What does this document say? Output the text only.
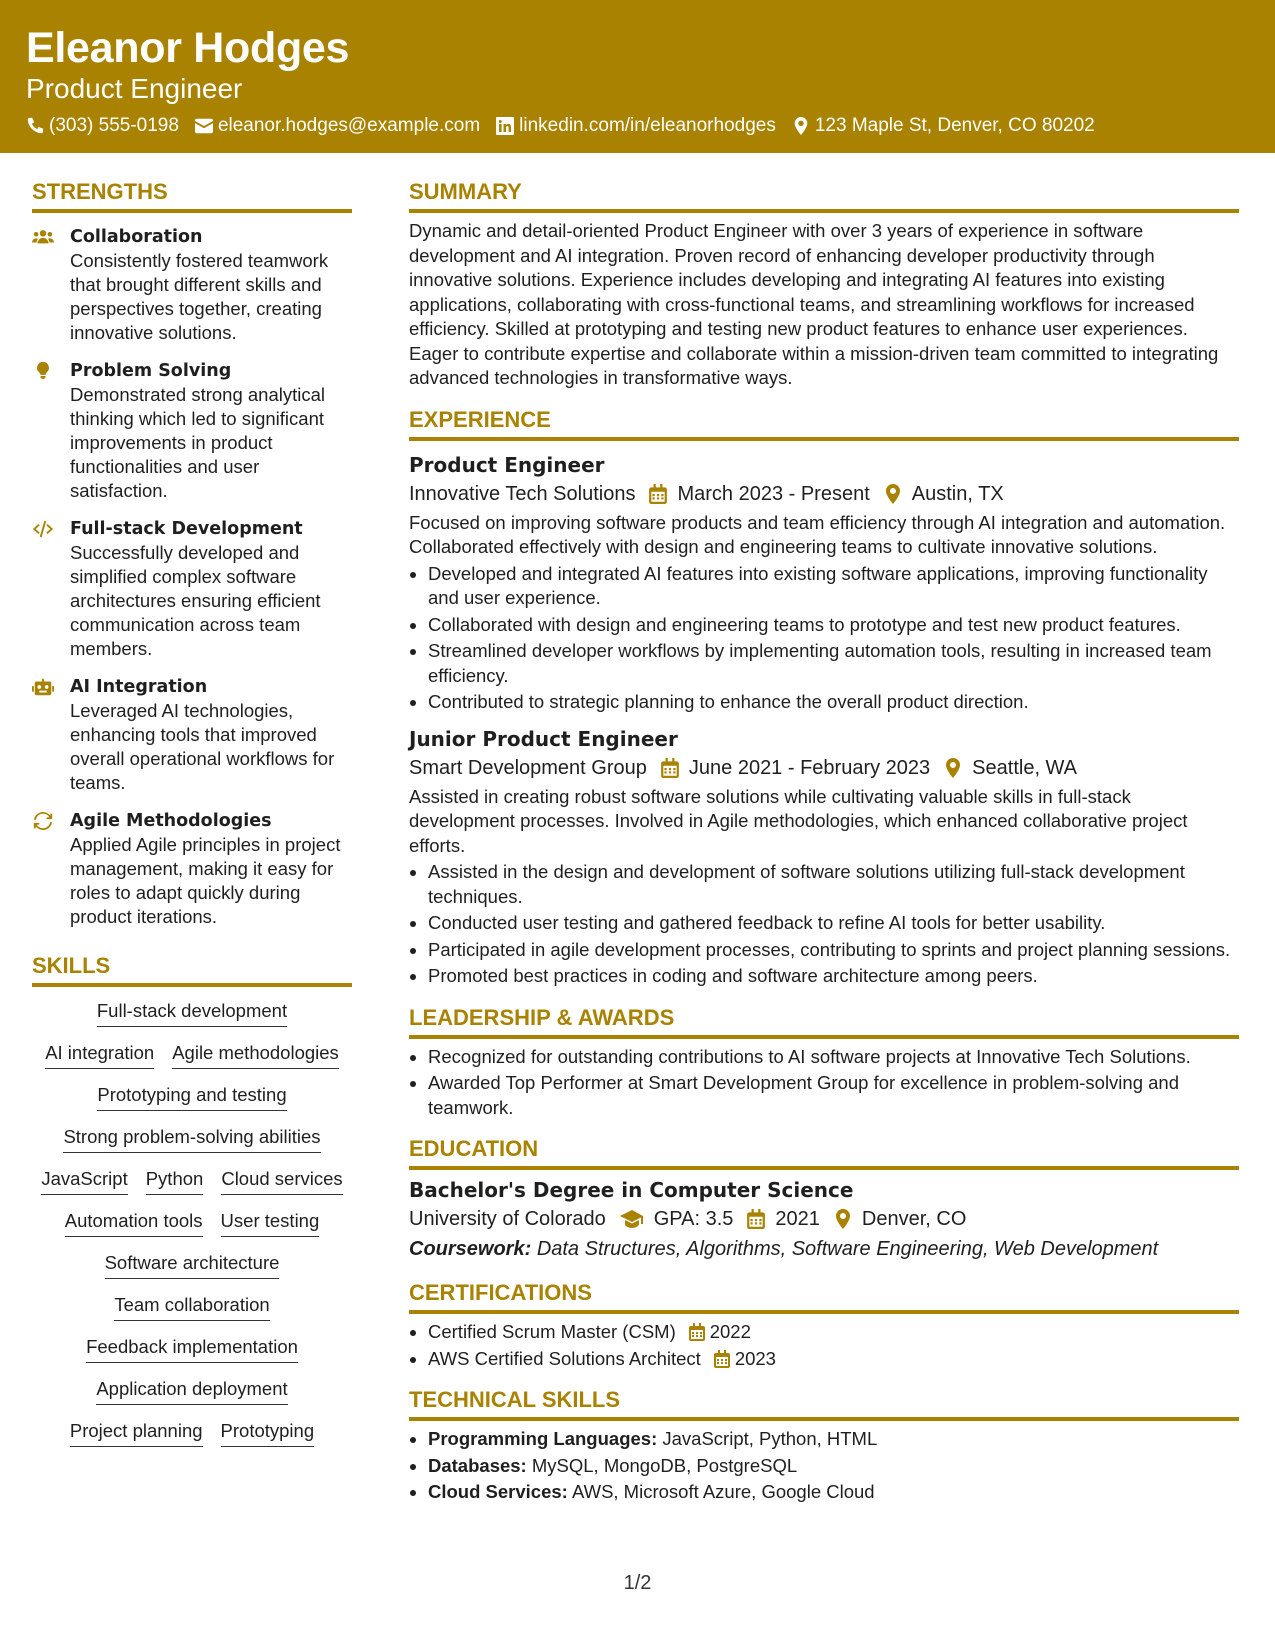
Eleanor Hodges
Product Engineer
(303) 555-0198 eleanor.hodges@example.com linkedin.com/in/eleanorhodges 123 Maple St, Denver, CO 80202
STRENGTHS
Collaboration
Consistently fostered teamwork that brought different skills and perspectives together, creating innovative solutions.
Problem Solving
Demonstrated strong analytical thinking which led to significant improvements in product functionalities and user satisfaction.
Full-stack Development
Successfully developed and simplified complex software architectures ensuring efficient communication across team members.
AI Integration
Leveraged AI technologies, enhancing tools that improved overall operational workflows for teams.
Agile Methodologies
Applied Agile principles in project management, making it easy for roles to adapt quickly during product iterations.
SKILLS
Full-stack development
AI integration Agile methodologies
Prototyping and testing
Strong problem-solving abilities
JavaScript Python Cloud services
Automation tools User testing
Software architecture
Team collaboration
Feedback implementation
Application deployment
Project planning Prototyping
SUMMARY
Dynamic and detail-oriented Product Engineer with over 3 years of experience in software development and AI integration. Proven record of enhancing developer productivity through innovative solutions. Experience includes developing and integrating AI features into existing applications, collaborating with cross-functional teams, and streamlining workflows for increased efficiency. Skilled at prototyping and testing new product features to enhance user experiences. Eager to contribute expertise and collaborate within a mission-driven team committed to integrating advanced technologies in transformative ways.
EXPERIENCE
Product Engineer
Innovative Tech Solutions March 2023 - Present Austin, TX
Focused on improving software products and team efficiency through AI integration and automation. Collaborated effectively with design and engineering teams to cultivate innovative solutions.
• Developed and integrated AI features into existing software applications, improving functionality and user experience.
• Collaborated with design and engineering teams to prototype and test new product features.
• Streamlined developer workflows by implementing automation tools, resulting in increased team efficiency.
• Contributed to strategic planning to enhance the overall product direction.
Junior Product Engineer
Smart Development Group June 2021 - February 2023 Seattle, WA
Assisted in creating robust software solutions while cultivating valuable skills in full-stack development processes. Involved in Agile methodologies, which enhanced collaborative project efforts.
• Assisted in the design and development of software solutions utilizing full-stack development techniques.
• Conducted user testing and gathered feedback to refine AI tools for better usability.
• Participated in agile development processes, contributing to sprints and project planning sessions.
• Promoted best practices in coding and software architecture among peers.
LEADERSHIP & AWARDS
• Recognized for outstanding contributions to AI software projects at Innovative Tech Solutions.
• Awarded Top Performer at Smart Development Group for excellence in problem-solving and teamwork.
EDUCATION
Bachelor's Degree in Computer Science
University of Colorado GPA: 3.5 2021 Denver, CO
Coursework: Data Structures, Algorithms, Software Engineering, Web Development
CERTIFICATIONS
• Certified Scrum Master (CSM) 2022
• AWS Certified Solutions Architect 2023
TECHNICAL SKILLS
• Programming Languages: JavaScript, Python, HTML
• Databases: MySQL, MongoDB, PostgreSQL
• Cloud Services: AWS, Microsoft Azure, Google Cloud
1/2
